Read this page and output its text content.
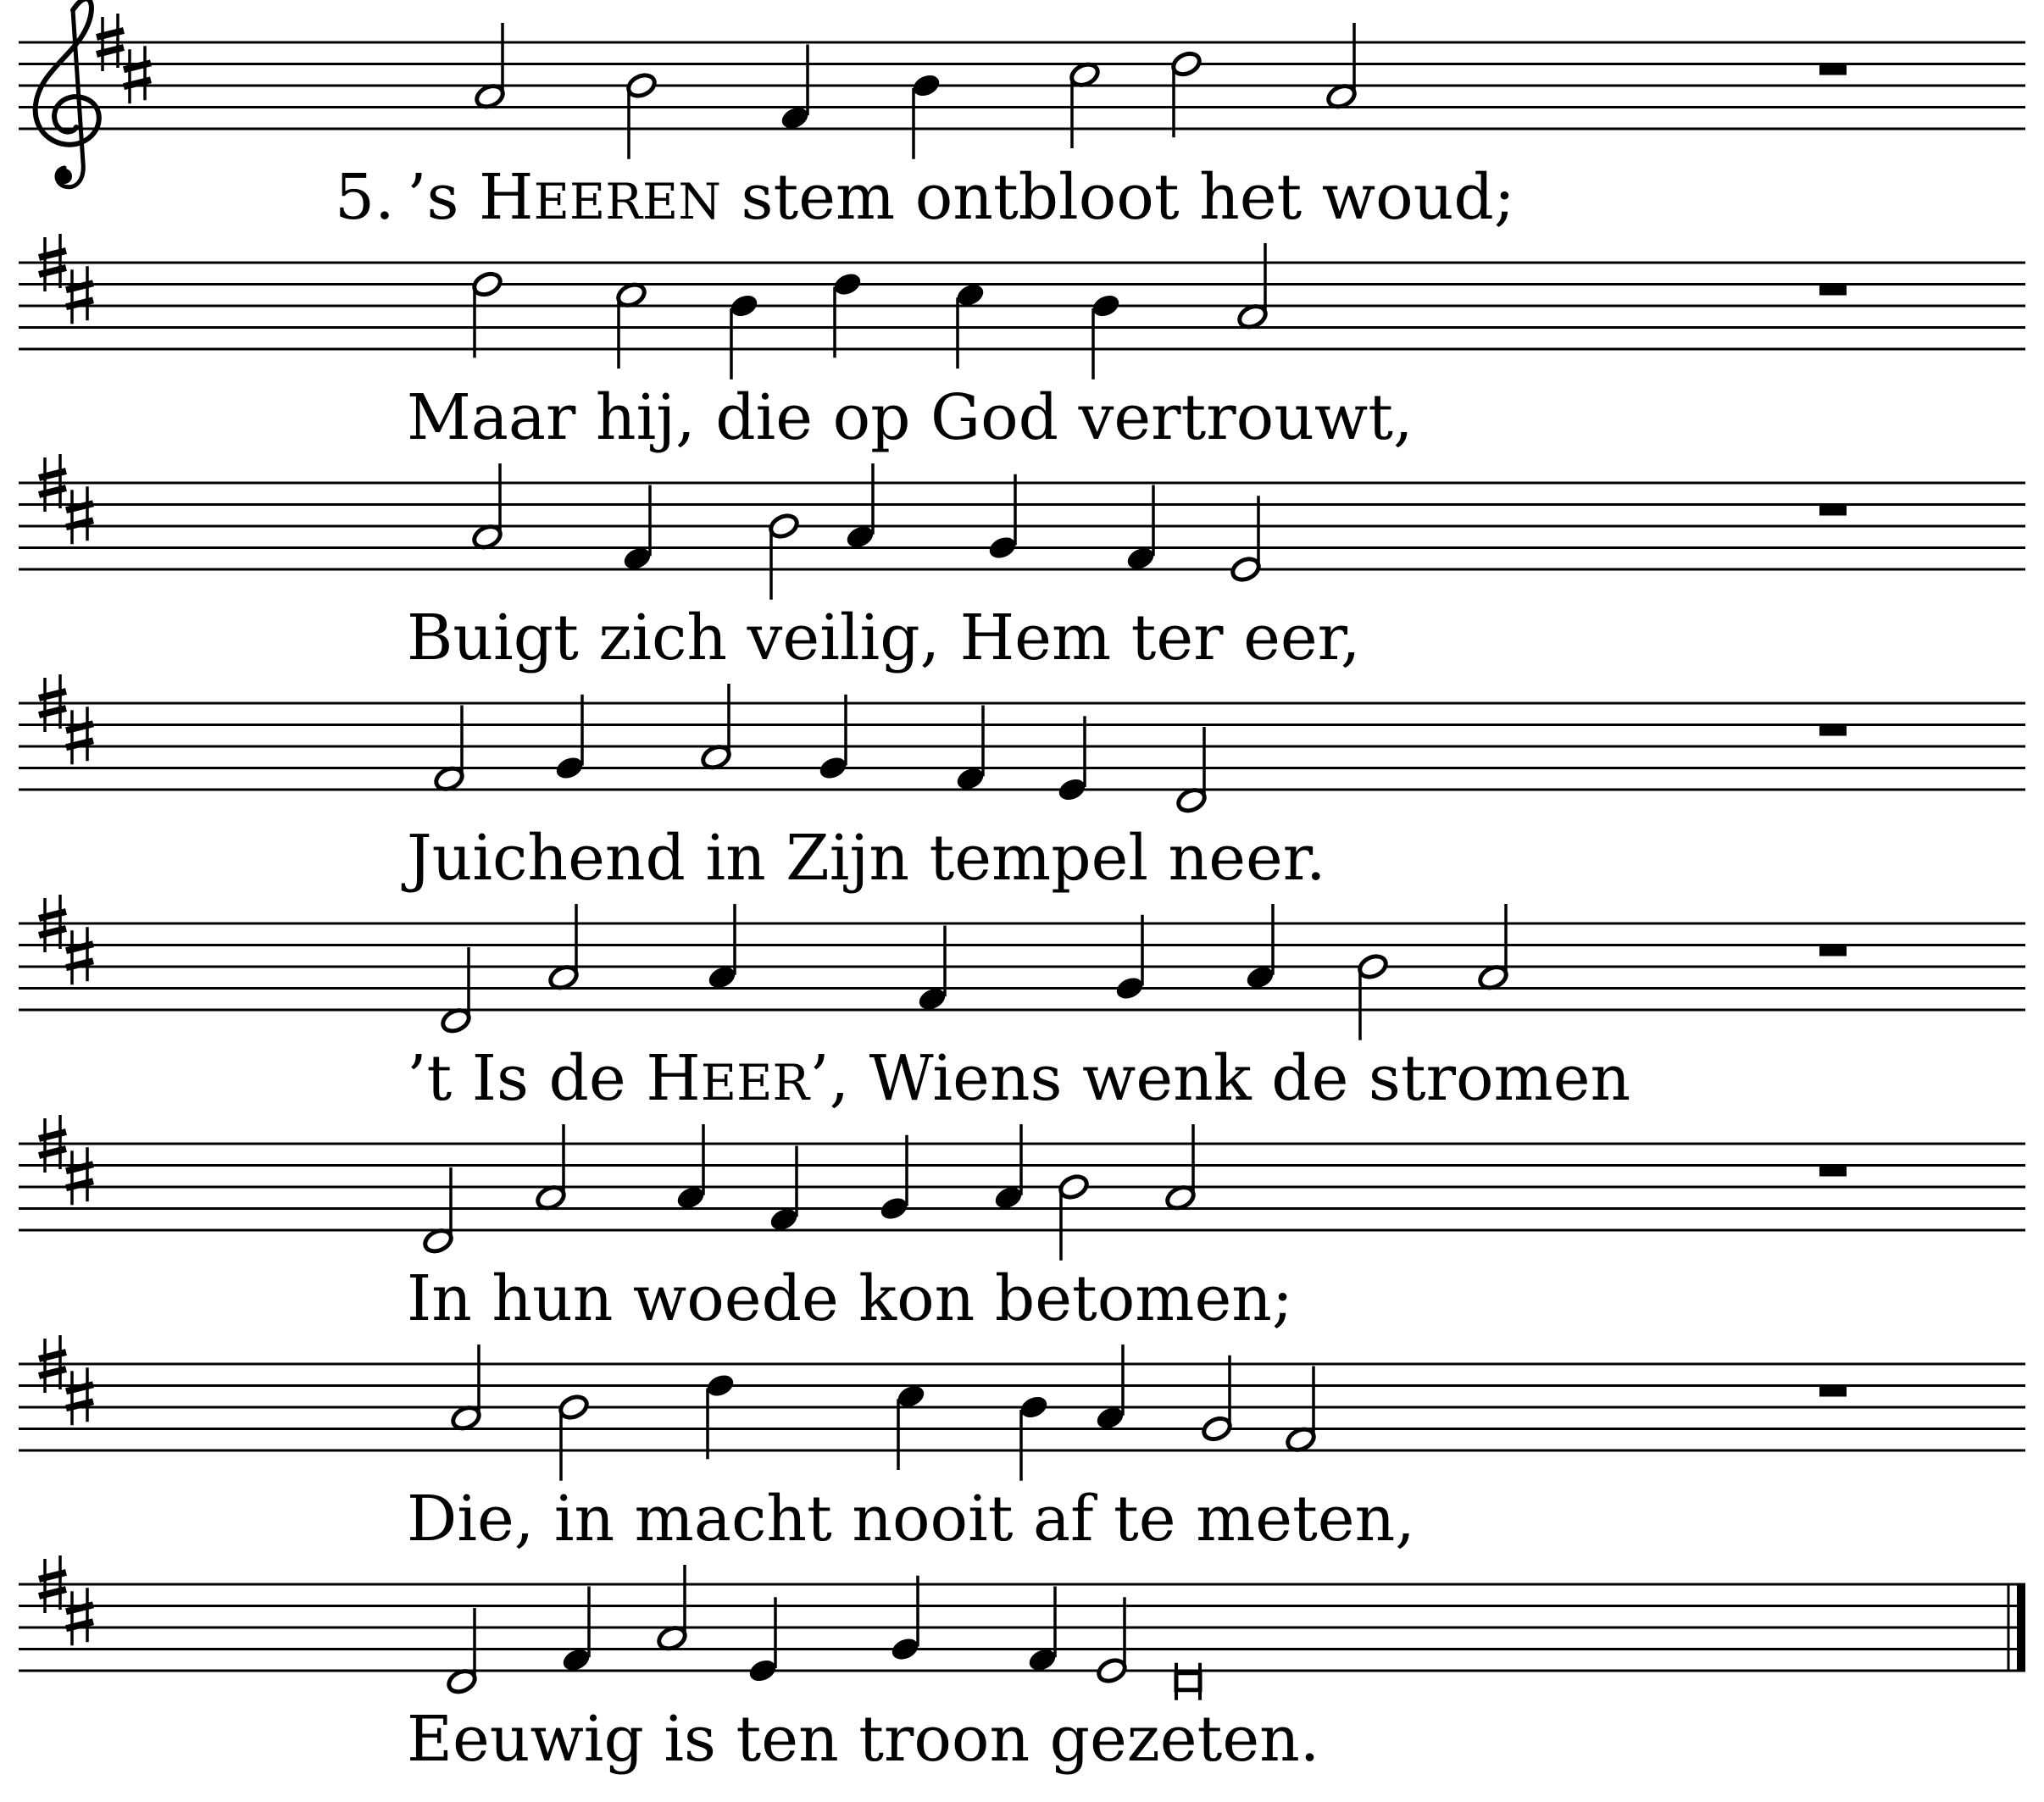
5. ’s HEEREN stem ontbloot het woud;
Maar hij, die op God vertrouwt,
Buigt zich veilig, Hem ter eer,
Juichend in Zijn tempel neer.
’t Is de HEER’, Wiens wenk de stromen
In hun woede kon betomen;
Die, in macht nooit af te meten,
Eeuwig is ten troon gezeten.
